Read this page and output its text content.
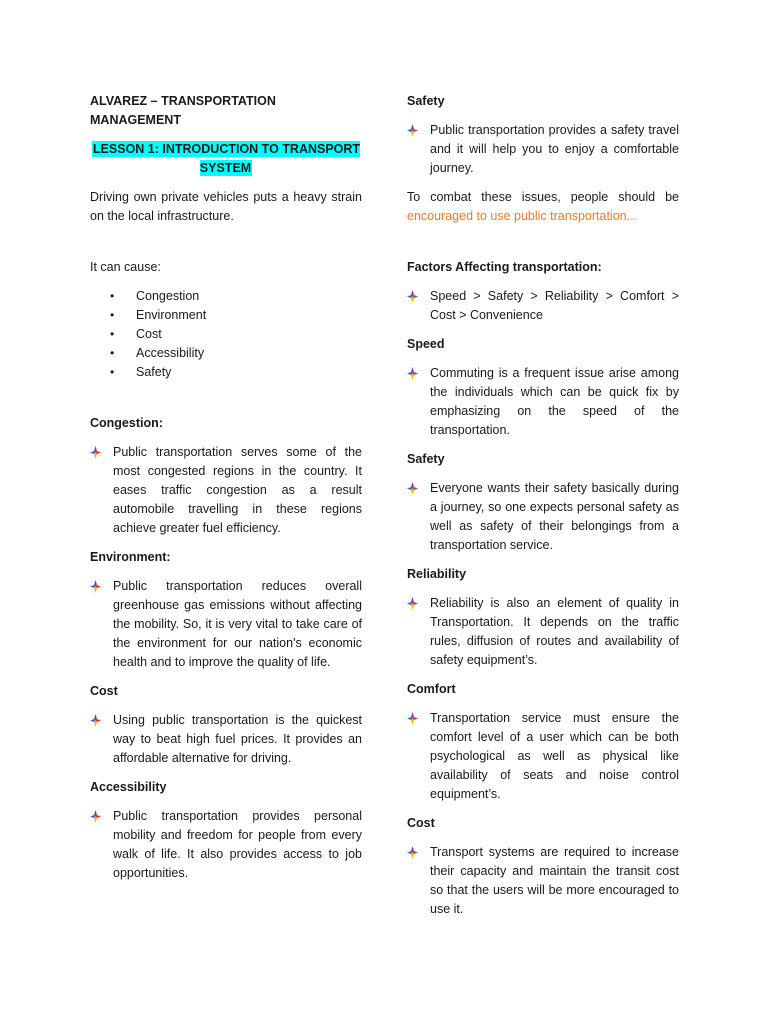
ALVAREZ – TRANSPORTATION MANAGEMENT
LESSON 1: INTRODUCTION TO TRANSPORT SYSTEM
Driving own private vehicles puts a heavy strain on the local infrastructure.
It can cause:
• Congestion
• Environment
• Cost
• Accessibility
• Safety
Congestion:
Public transportation serves some of the most congested regions in the country. It eases traffic congestion as a result automobile travelling in these regions achieve greater fuel efficiency.
Environment:
Public transportation reduces overall greenhouse gas emissions without affecting the mobility. So, it is very vital to take care of the environment for our nation's economic health and to improve the quality of life.
Cost
Using public transportation is the quickest way to beat high fuel prices. It provides an affordable alternative for driving.
Accessibility
Public transportation provides personal mobility and freedom for people from every walk of life. It also provides access to job opportunities.
Safety
Public transportation provides a safety travel and it will help you to enjoy a comfortable journey.
To combat these issues, people should be encouraged to use public transportation...
Factors Affecting transportation:
Speed > Safety > Reliability > Comfort > Cost > Convenience
Speed
Commuting is a frequent issue arise among the individuals which can be quick fix by emphasizing on the speed of the transportation.
Safety
Everyone wants their safety basically during a journey, so one expects personal safety as well as safety of their belongings from a transportation service.
Reliability
Reliability is also an element of quality in Transportation. It depends on the traffic rules, diffusion of routes and availability of safety equipment’s.
Comfort
Transportation service must ensure the comfort level of a user which can be both psychological as well as physical like availability of seats and noise control equipment’s.
Cost
Transport systems are required to increase their capacity and maintain the transit cost so that the users will be more encouraged to use it.
